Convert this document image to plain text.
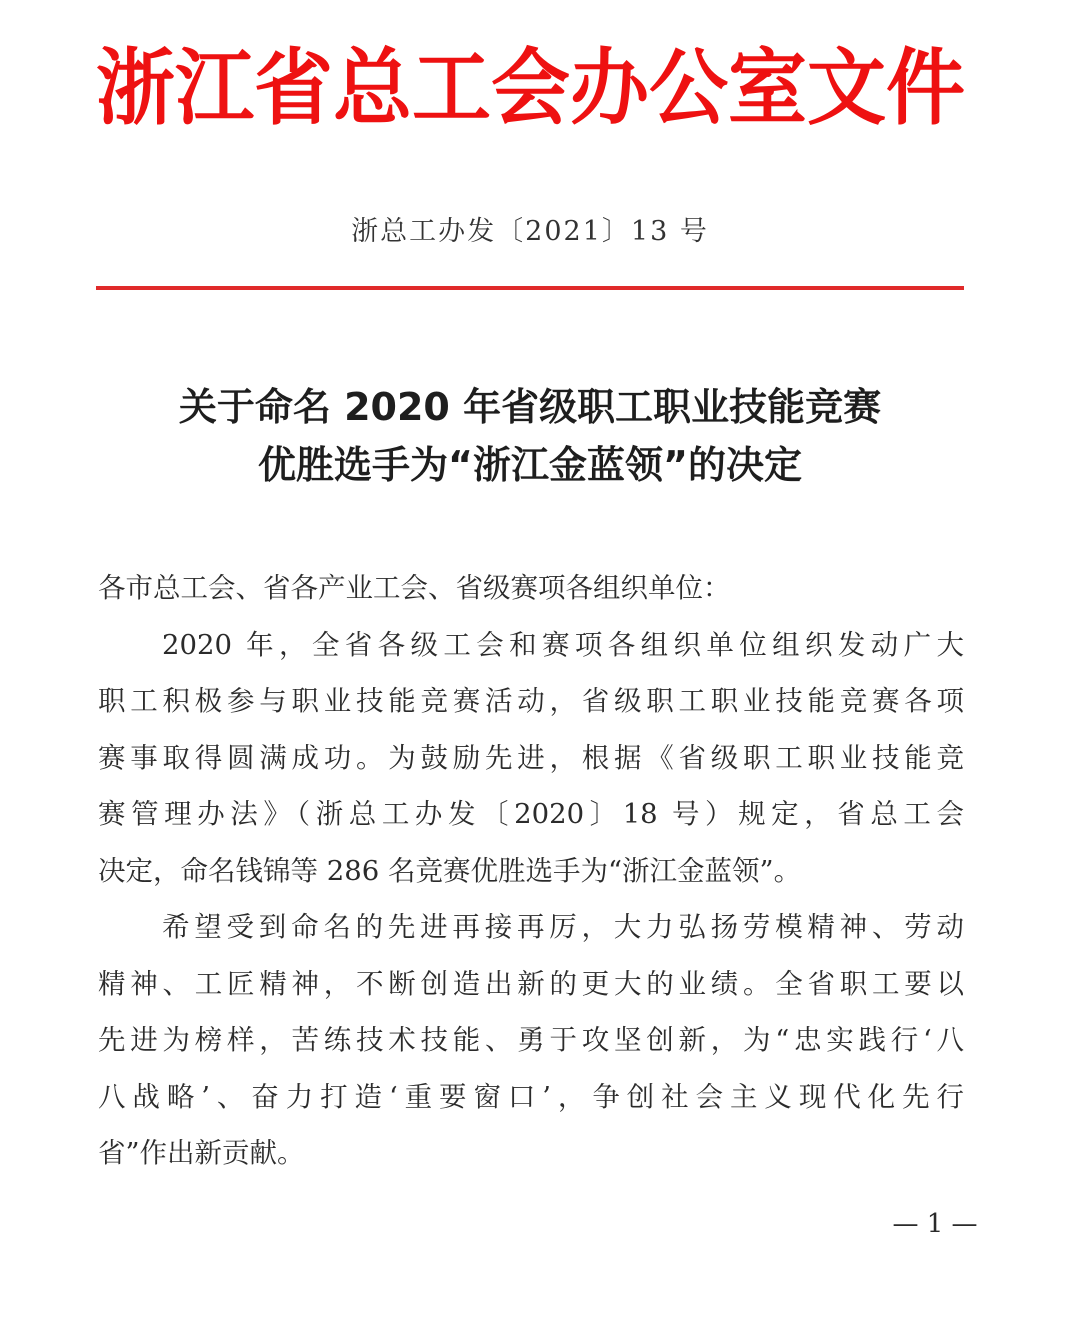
浙江省总工会办公室文件
浙总工办发〔2021〕13 号
关于命名 2020 年省级职工职业技能竞赛
优胜选手为“浙江金蓝领”的决定
各市总工会、省各产业工会、省级赛项各组织单位：
2020 年，全省各级工会和赛项各组织单位组织发动广大
职工积极参与职业技能竞赛活动，省级职工职业技能竞赛各项
赛事取得圆满成功。为鼓励先进，根据《省级职工职业技能竞
赛管理办法》（浙总工办发〔2020〕18 号）规定，省总工会
决定，命名钱锦等 286 名竞赛优胜选手为“浙江金蓝领”。
希望受到命名的先进再接再厉，大力弘扬劳模精神、劳动
精神、工匠精神，不断创造出新的更大的业绩。全省职工要以
先进为榜样，苦练技术技能、勇于攻坚创新，为“忠实践行‘八
八战略’、奋力打造‘重要窗口’，争创社会主义现代化先行
省”作出新贡献。
— 1 —
